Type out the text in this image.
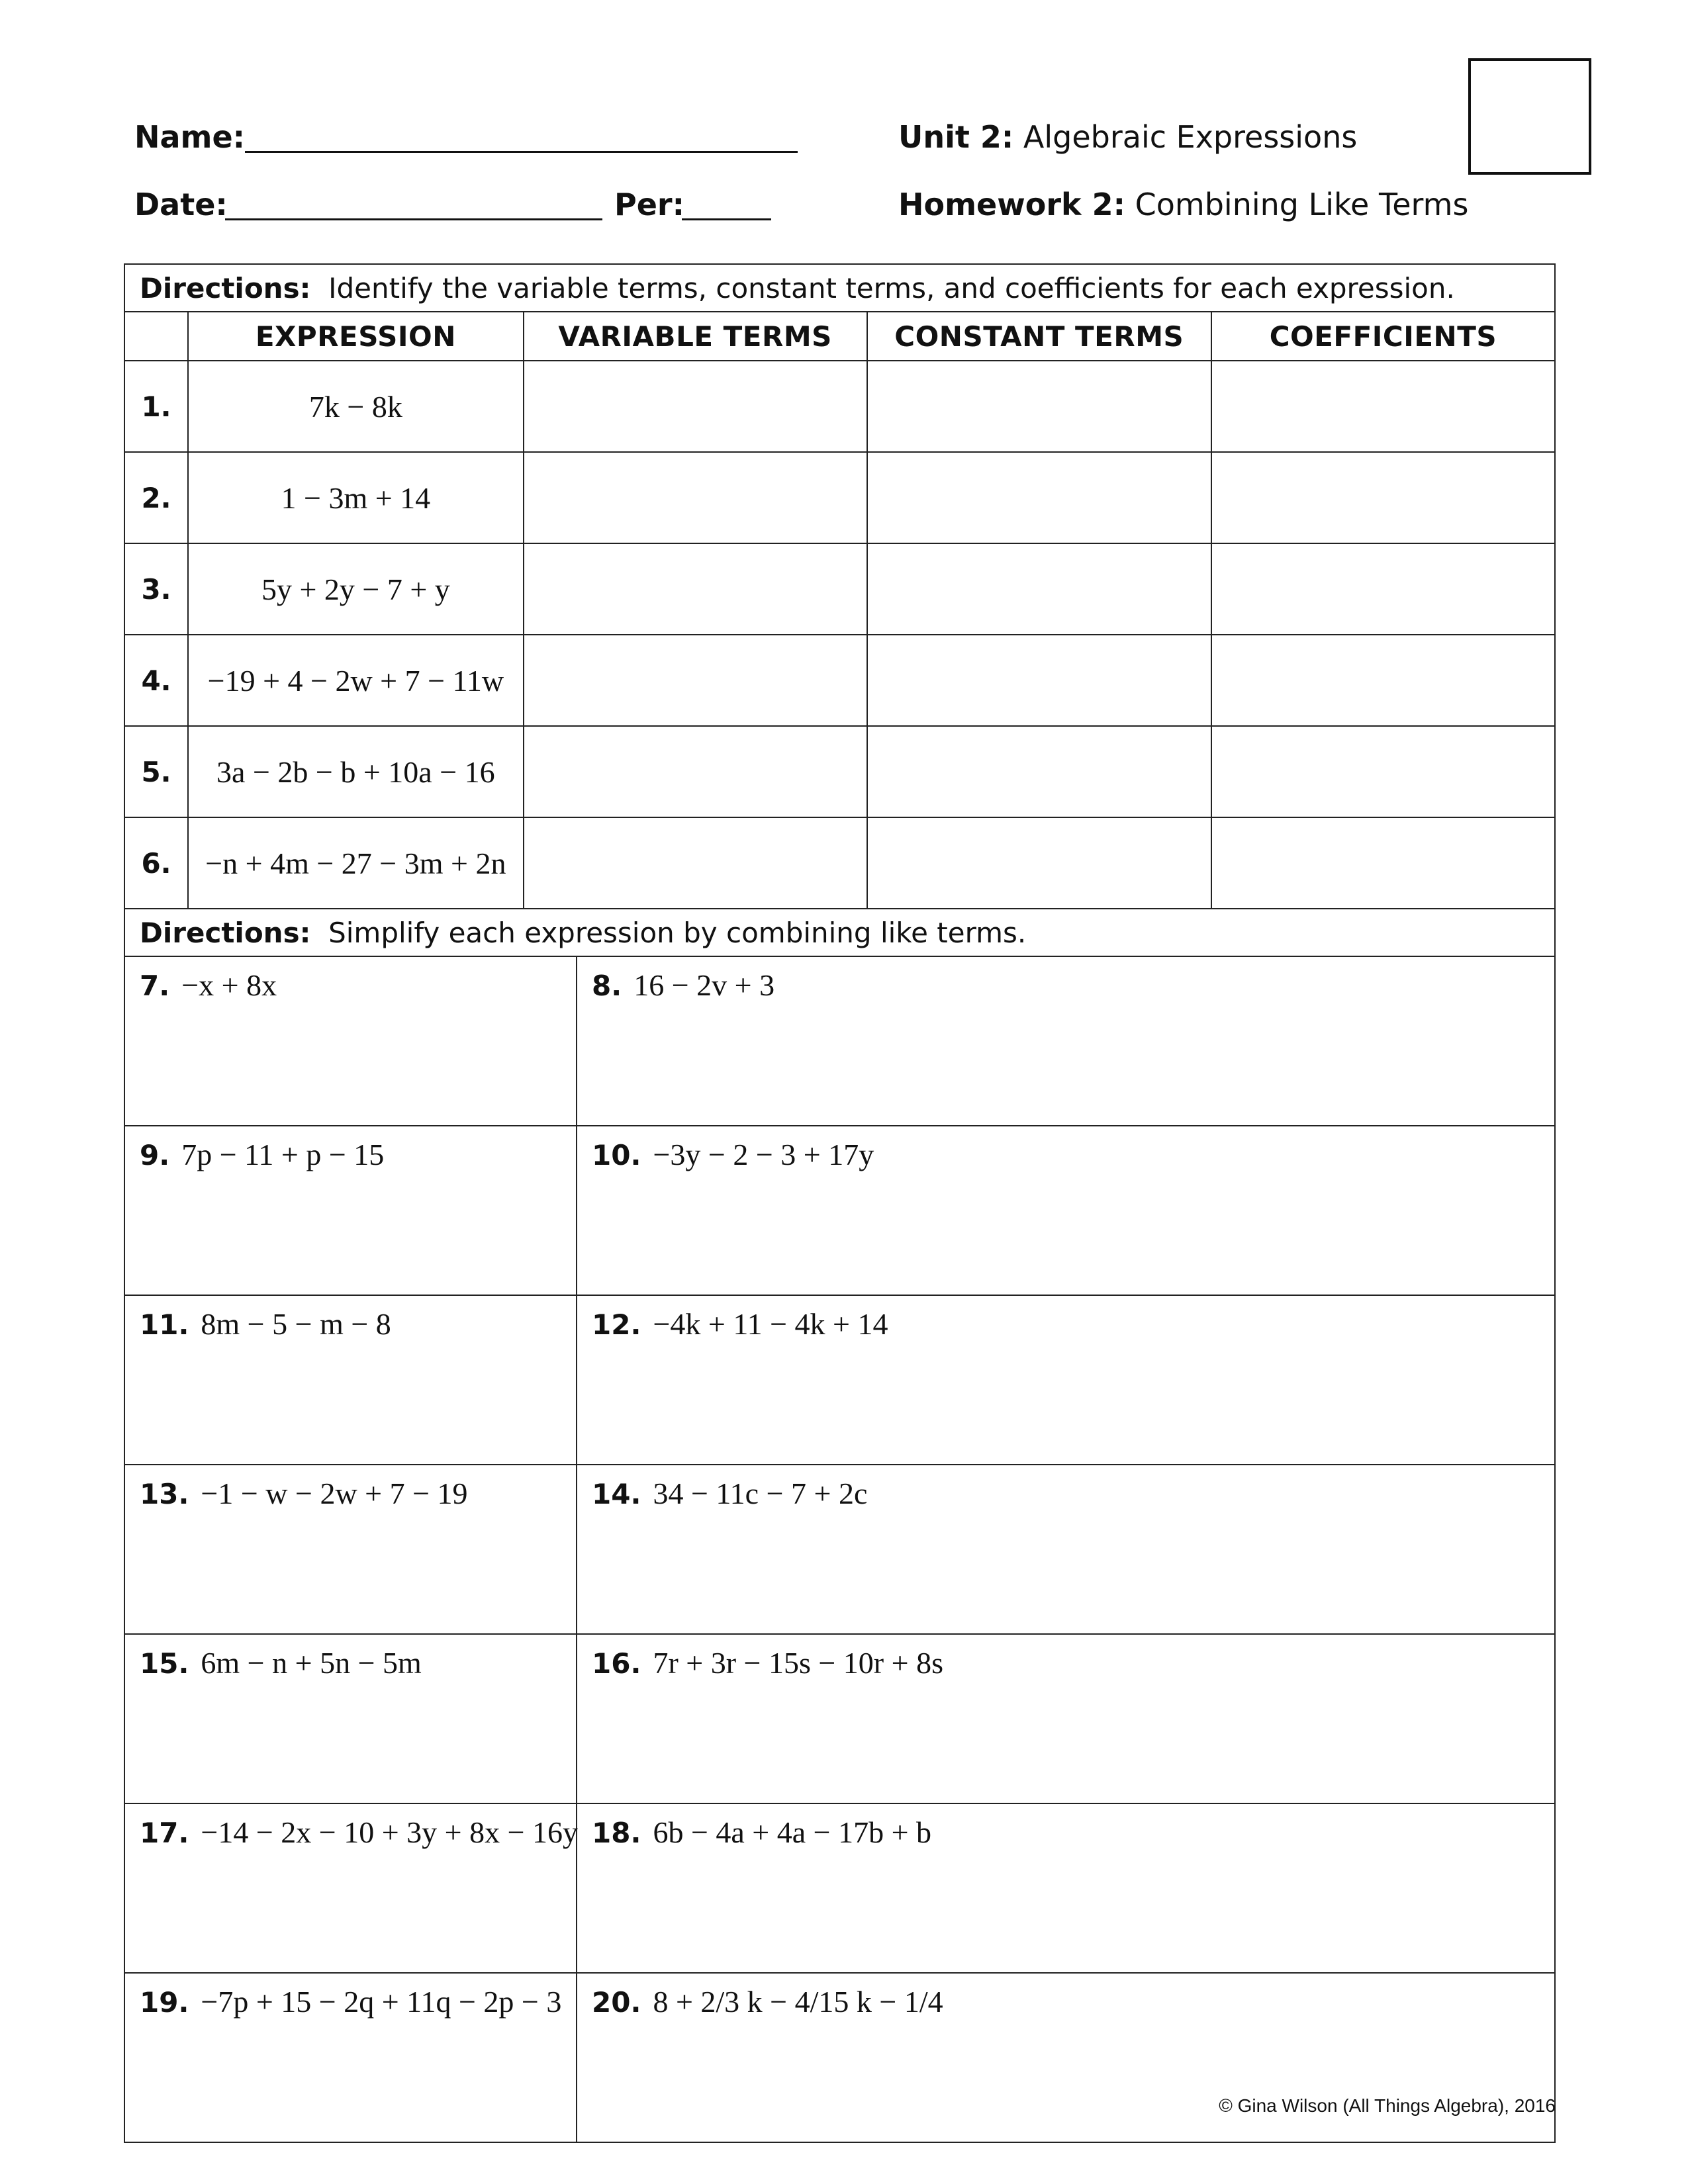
Name:
Date:	Per:
Unit 2: Algebraic Expressions
Homework 2: Combining Like Terms
Directions: Identify the variable terms, constant terms, and coefficients for each expression.					
	EXPRESSION	VARIABLE TERMS		CONSTANT TERMS	COEFFICIENTS
1.	7k − 8k				
2.	1 − 3m + 14				
3.	5y + 2y − 7 + y				
4.	−19 + 4 − 2w + 7 − 11w				
5.	3a − 2b − b + 10a − 16				
6.	−n + 4m − 27 − 3m + 2n				
Directions: Simplify each expression by combining like terms.					
7. −x + 8x			8. 16 − 2v + 3		
9. 7p − 11 + p − 15			10. −3y − 2 − 3 + 17y		
11. 8m − 5 − m − 8			12. −4k + 11 − 4k + 14		
13. −1 − w − 2w + 7 − 19			14. 34 − 11c − 7 + 2c		
15. 6m − n + 5n − 5m			16. 7r + 3r − 15s − 10r + 8s		
17. −14 − 2x − 10 + 3y + 8x − 16y			18. 6b − 4a + 4a − 17b + b		
19. −7p + 15 − 2q + 11q − 2p − 3			20. 8 + 2/3 k − 4/15 k − 1/4		
© Gina Wilson (All Things Algebra), 2016
